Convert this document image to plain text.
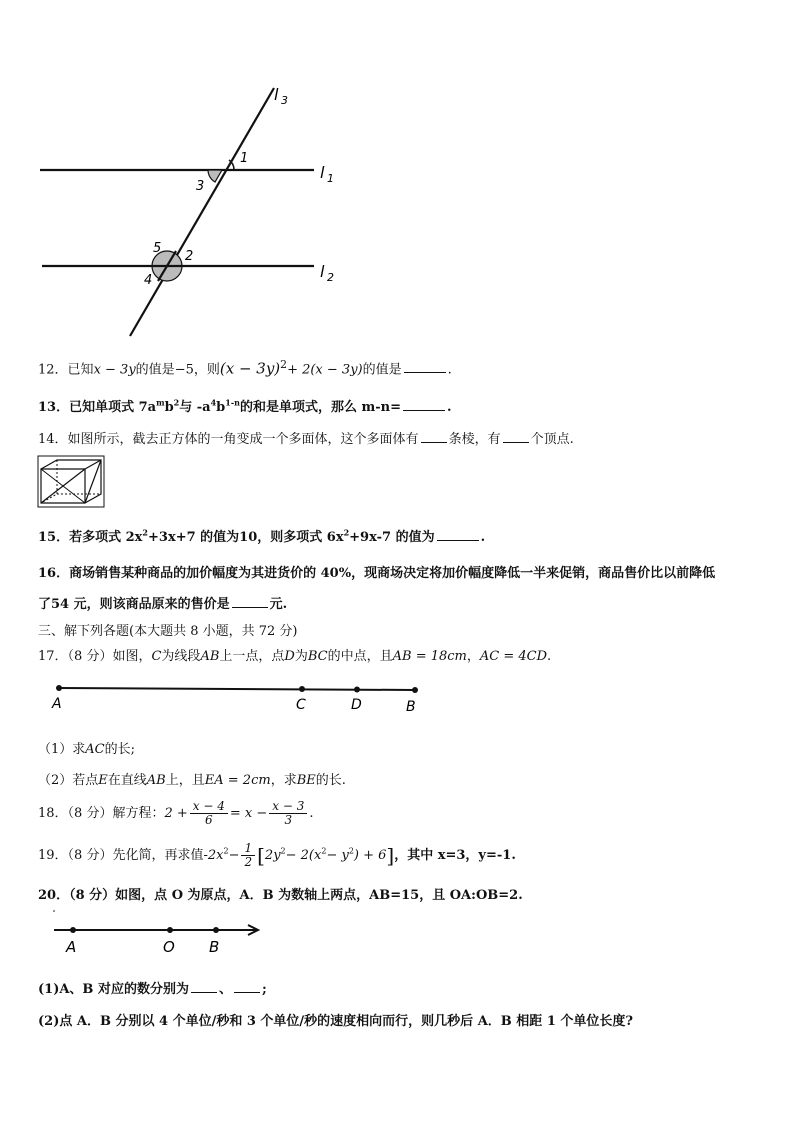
l 3
l 1
l 2
1
3
5
2
4
12．已知x − 3y的值是−5，则$(x - 3y)^2+ 2(x - 3y)$的值是	.
13．已知单项式 $7a^mb^2$与 $-a^4b^{1-n}$的和是单项式，那么 m-n=	.
14．如图所示，截去正方体的一角变成一个多面体，这个多面体有 条棱，有 个顶点.
15．若多项式 $2x^2+3x+7$ 的值为10，则多项式 $6x^2+9x-7$ 的值为	.
16．商场销售某种商品的加价幅度为其进货价的 40%，现商场决定将加价幅度降低一半来促销，商品售价比以前降低
了54 元，则该商品原来的售价是	元.
三、解下列各题(本大题共 8 小题，共 72 分)
17．（8 分）如图，C为线段AB上一点，点D为BC的中点，且AB = 18cm，AC = 4CD.
A	C	D	B
（1）求AC的长;
（2）若点E在直线AB上，且EA = 2cm，求BE的长.
18．（8 分）解方程：$2 + \frac{x - 4}{6} = x - \frac{x - 3}{3}$ .
19．（8 分）先化简，再求值$-2x^2- \frac{1}{2} [2y^2- 2(x^2- y^2) + 6]$，其中 x=3，y=-1.
20．（8 分）如图，点 O 为原点，A．B 为数轴上两点，AB=15，且 OA:OB=2.
A	O B
(1)A、B 对应的数分别为 、 ;
(2)点 A．B 分别以 4 个单位/秒和 3 个单位/秒的速度相向而行，则几秒后 A．B 相距 1 个单位长度?
